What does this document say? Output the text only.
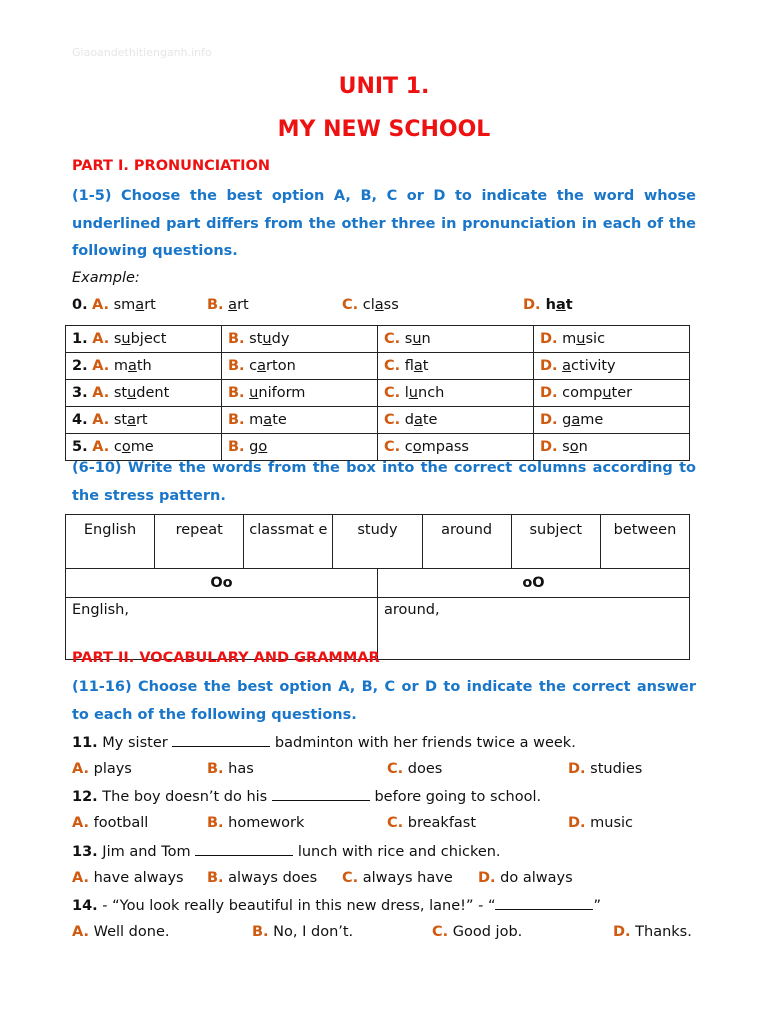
Giaoandethitienganh.info
UNIT 1.
MY NEW SCHOOL
PART I. PRONUNCIATION
(1-5) Choose the best option A, B, C or D to indicate the word whose underlined part differs from the other three in pronunciation in each of the following questions.
Example:
0. A. smart	B. art	C. class	D. hat
1. A. subject	B. study	C. sun	D. music
2. A. math	B. carton	C. flat	D. activity
3. A. student	B. uniform	C. lunch	D. computer
4. A. start	B. mate	C. date	D. game
5. A. come	B. go	C. compass	D. son
(6-10) Write the words from the box into the correct columns according to the stress pattern.
English	repeat	classmat e	study	around	subject	between
Oo	oO
English,	around,
PART II. VOCABULARY AND GRAMMAR
(11-16) Choose the best option A, B, C or D to indicate the correct answer to each of the following questions.
11. My sister	badminton with her friends twice a week.
A. plays	B. has	C. does	D. studies
12. The boy doesn’t do his	before going to school.
A. football	B. homework	C. breakfast	D. music
13. Jim and Tom	lunch with rice and chicken.
A. have always B. always does C. always have D. do always
14. - “You look really beautiful in this new dress, lane!” - “	”
A. Well done.	B. No, I don’t.	C. Good job.	D. Thanks.
